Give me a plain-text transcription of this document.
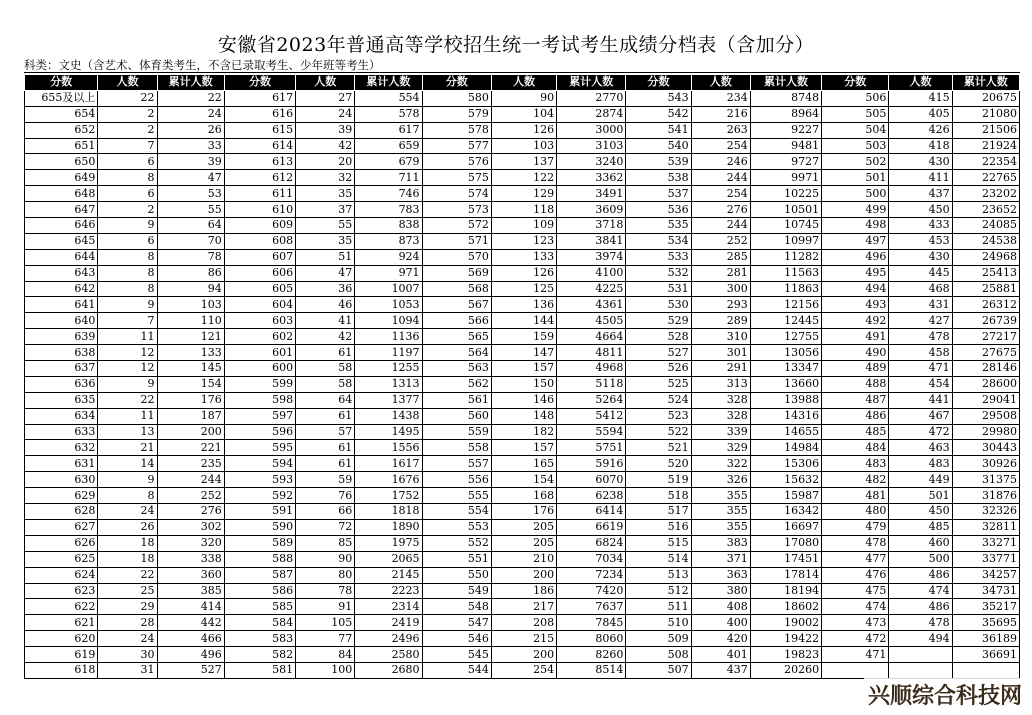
安徽省2023年普通高等学校招生统一考试考生成绩分档表（含加分）
科类：文史（含艺术、体育类考生，不含已录取考生、少年班等考生）
分数	人数	累计人数	分数	人数	累计人数	分数	人数	累计人数	分数	人数	累计人数	分数	人数	累计人数
655及以上	22	22	617	27	554	580	90	2770	543	234	8748	506	415	20675
654	2	24	616	24	578	579	104	2874	542	216	8964	505	405	21080
652	2	26	615	39	617	578	126	3000	541	263	9227	504	426	21506
651	7	33	614	42	659	577	103	3103	540	254	9481	503	418	21924
650	6	39	613	20	679	576	137	3240	539	246	9727	502	430	22354
649	8	47	612	32	711	575	122	3362	538	244	9971	501	411	22765
648	6	53	611	35	746	574	129	3491	537	254	10225	500	437	23202
647	2	55	610	37	783	573	118	3609	536	276	10501	499	450	23652
646	9	64	609	55	838	572	109	3718	535	244	10745	498	433	24085
645	6	70	608	35	873	571	123	3841	534	252	10997	497	453	24538
644	8	78	607	51	924	570	133	3974	533	285	11282	496	430	24968
643	8	86	606	47	971	569	126	4100	532	281	11563	495	445	25413
642	8	94	605	36	1007	568	125	4225	531	300	11863	494	468	25881
641	9	103	604	46	1053	567	136	4361	530	293	12156	493	431	26312
640	7	110	603	41	1094	566	144	4505	529	289	12445	492	427	26739
639	11	121	602	42	1136	565	159	4664	528	310	12755	491	478	27217
638	12	133	601	61	1197	564	147	4811	527	301	13056	490	458	27675
637	12	145	600	58	1255	563	157	4968	526	291	13347	489	471	28146
636	9	154	599	58	1313	562	150	5118	525	313	13660	488	454	28600
635	22	176	598	64	1377	561	146	5264	524	328	13988	487	441	29041
634	11	187	597	61	1438	560	148	5412	523	328	14316	486	467	29508
633	13	200	596	57	1495	559	182	5594	522	339	14655	485	472	29980
632	21	221	595	61	1556	558	157	5751	521	329	14984	484	463	30443
631	14	235	594	61	1617	557	165	5916	520	322	15306	483	483	30926
630	9	244	593	59	1676	556	154	6070	519	326	15632	482	449	31375
629	8	252	592	76	1752	555	168	6238	518	355	15987	481	501	31876
628	24	276	591	66	1818	554	176	6414	517	355	16342	480	450	32326
627	26	302	590	72	1890	553	205	6619	516	355	16697	479	485	32811
626	18	320	589	85	1975	552	205	6824	515	383	17080	478	460	33271
625	18	338	588	90	2065	551	210	7034	514	371	17451	477	500	33771
624	22	360	587	80	2145	550	200	7234	513	363	17814	476	486	34257
623	25	385	586	78	2223	549	186	7420	512	380	18194	475	474	34731
622	29	414	585	91	2314	548	217	7637	511	408	18602	474	486	35217
621	28	442	584	105	2419	547	208	7845	510	400	19002	473	478	35695
620	24	466	583	77	2496	546	215	8060	509	420	19422	472	494	36189
619	30	496	582	84	2580	545	200	8260	508	401	19823	471		36691
618	31	527	581	100	2680	544	254	8514	507	437	20260			
兴顺综合科技网
